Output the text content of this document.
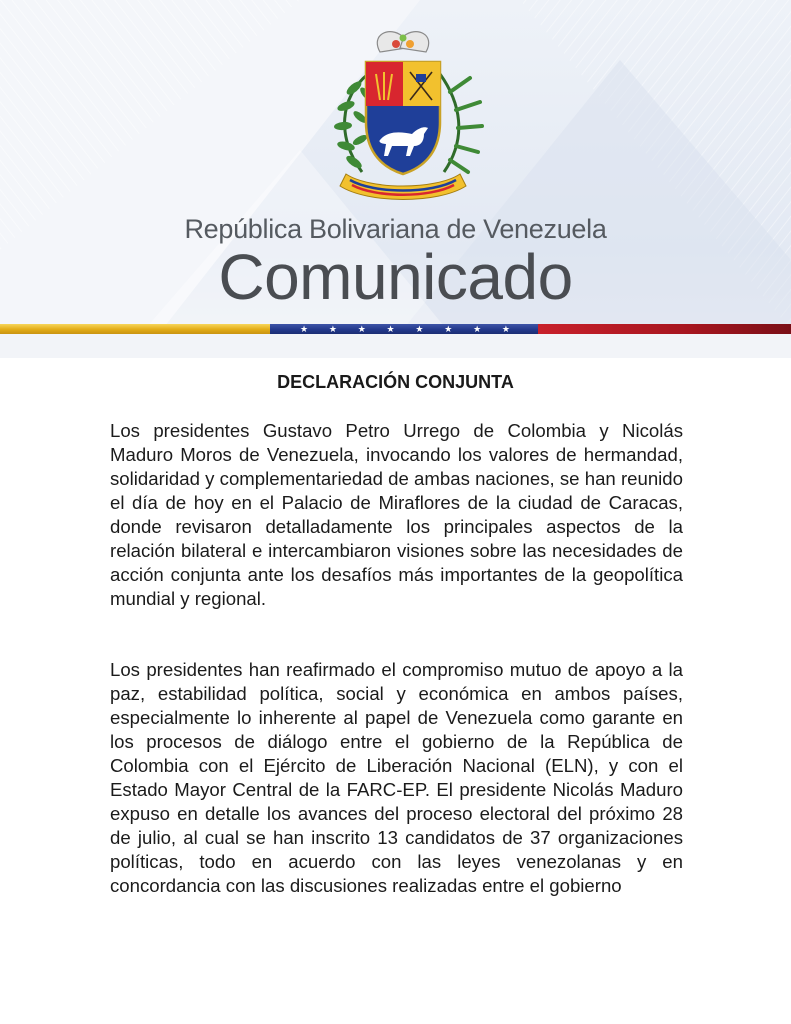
República Bolivariana de Venezuela
Comunicado
★ ★ ★ ★ ★ ★ ★ ★
DECLARACIÓN CONJUNTA

Los presidentes Gustavo Petro Urrego de Colombia y Nicolás Maduro Moros de Venezuela, invocando los valores de hermandad, solidaridad y complementariedad de ambas naciones, se han reunido el día de hoy en el Palacio de Miraflores de la ciudad de Caracas, donde revisaron detalladamente los principales aspectos de la relación bilateral e intercambiaron visiones sobre las necesidades de acción conjunta ante los desafíos más importantes de la geopolítica mundial y regional.

Los presidentes han reafirmado el compromiso mutuo de apoyo a la paz, estabilidad política, social y económica en ambos países, especialmente lo inherente al papel de Venezuela como garante en los procesos de diálogo entre el gobierno de la República de Colombia con el Ejército de Liberación Nacional (ELN), y con el Estado Mayor Central de la FARC-EP. El presidente Nicolás Maduro expuso en detalle los avances del proceso electoral del próximo 28 de julio, al cual se han inscrito 13 candidatos de 37 organizaciones políticas, todo en acuerdo con las leyes venezolanas y en concordancia con las discusiones realizadas entre el gobierno
